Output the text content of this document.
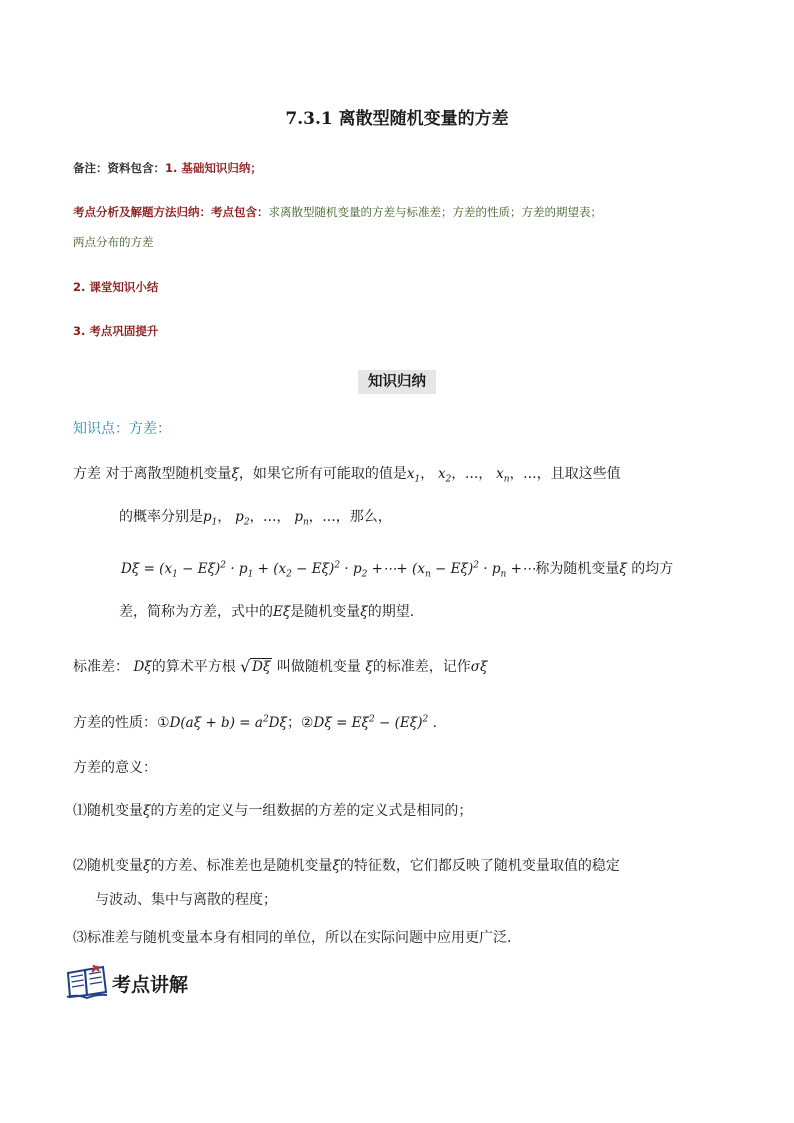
7.3.1 离散型随机变量的方差
备注：资料包含：1. 基础知识归纳；
考点分析及解题方法归纳：考点包含：求离散型随机变量的方差与标准差；方差的性质；方差的期望表；
两点分布的方差
2. 课堂知识小结
3. 考点巩固提升
知识归纳
知识点：方差：
方差 对于离散型随机变量ξ，如果它所有可能取的值是$x_1$， $x_2$，…， $x_n$，…，且取这些值
的概率分别是$p_1$， $p_2$，…， $p_n$，…，那么，
$D\xi = (x_1 - E\xi)^2 \cdot p_1 + (x_2 - E\xi)^2 \cdot p_2$ +⋯+ $(x_n - E\xi)^2 \cdot p_n$ +⋯称为随机变量ξ 的均方
差，简称为方差，式中的Eξ是随机变量ξ的期望.
标准差： Dξ的算术平方根 √ Dξ 叫做随机变量 ξ的标准差，记作σξ
方差的性质：①D(aξ + $b) = a^2D\xi$；②Dξ = $E\xi^2 - (E\xi)^2$ .
方差的意义：
⑴随机变量ξ的方差的定义与一组数据的方差的定义式是相同的；
⑵随机变量ξ的方差、标准差也是随机变量ξ的特征数，它们都反映了随机变量取值的稳定
与波动、集中与离散的程度；
⑶标准差与随机变量本身有相同的单位，所以在实际问题中应用更广泛.
考点讲解
